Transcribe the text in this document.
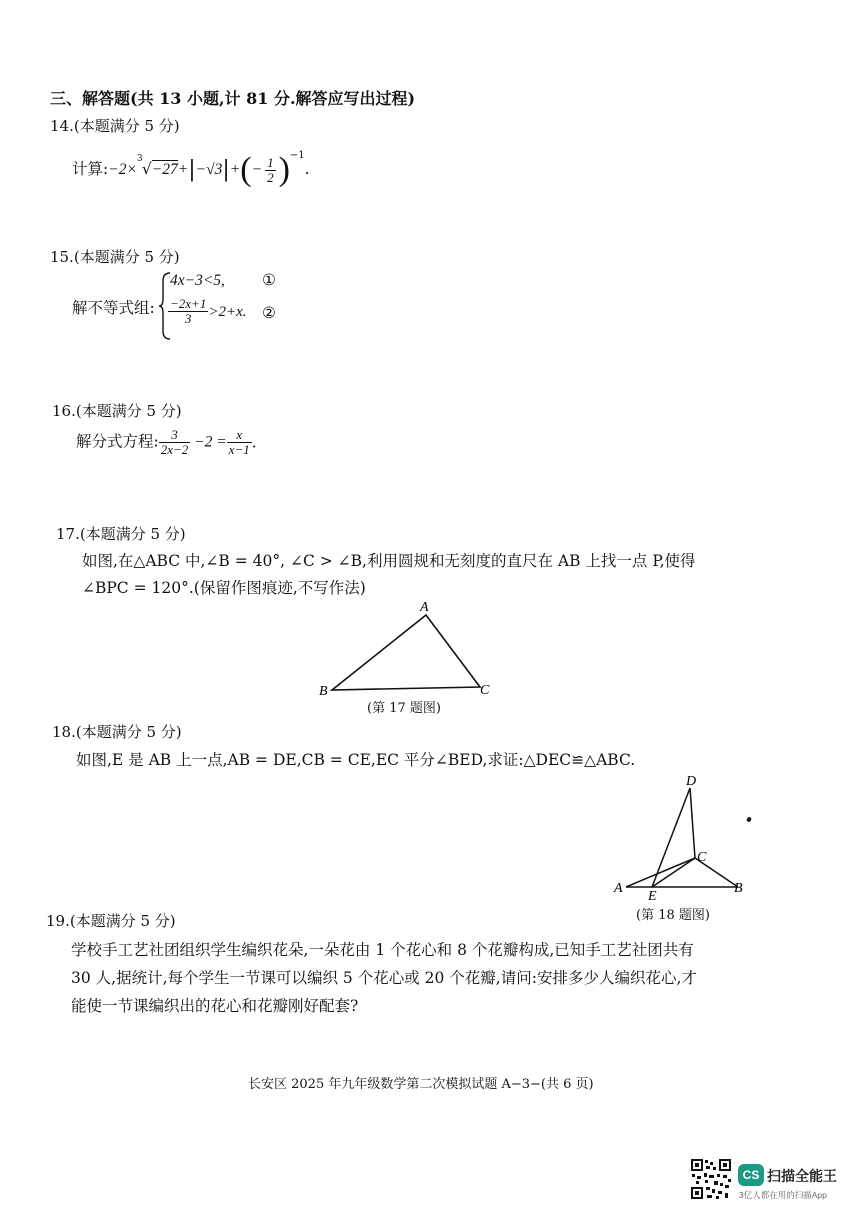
三、解答题(共 13 小题,计 81 分.解答应写出过程)
14.(本题满分 5 分)
计算:−2×
3
$√-27+|-√3|+(- \frac{1}{2} )^{-1}$.
15.(本题满分 5 分)
解不等式组:
4x−3<5, ①
$\frac{-2x+1}{3} >2+x$. ②
16.(本题满分 5 分)
解分式方程: $\frac{3}{2x-2} -2 = \frac{x}{x-1}$ .
17.(本题满分 5 分)
如图,在△ABC 中,∠B = 40°, ∠C > ∠B,利用圆规和无刻度的直尺在 AB 上找一点 P,使得
∠BPC = 120°.(保留作图痕迹,不写作法)
A
B	C
(第 17 题图)
18.(本题满分 5 分)
如图,E 是 AB 上一点,AB = DE,CB = CE,EC 平分∠BED,求证:△DEC≌△ABC.
D
C
A
E
B
(第 18 题图)
19.(本题满分 5 分)
学校手工艺社团组织学生编织花朵,一朵花由 1 个花心和 8 个花瓣构成,已知手工艺社团共有
30 人,据统计,每个学生一节课可以编织 5 个花心或 20 个花瓣,请问:安排多少人编织花心,才
能使一节课编织出的花心和花瓣刚好配套?
长安区 2025 年九年级数学第二次模拟试题 A−3−(共 6 页)
CS 扫描全能王
3亿人都在用的扫描App
